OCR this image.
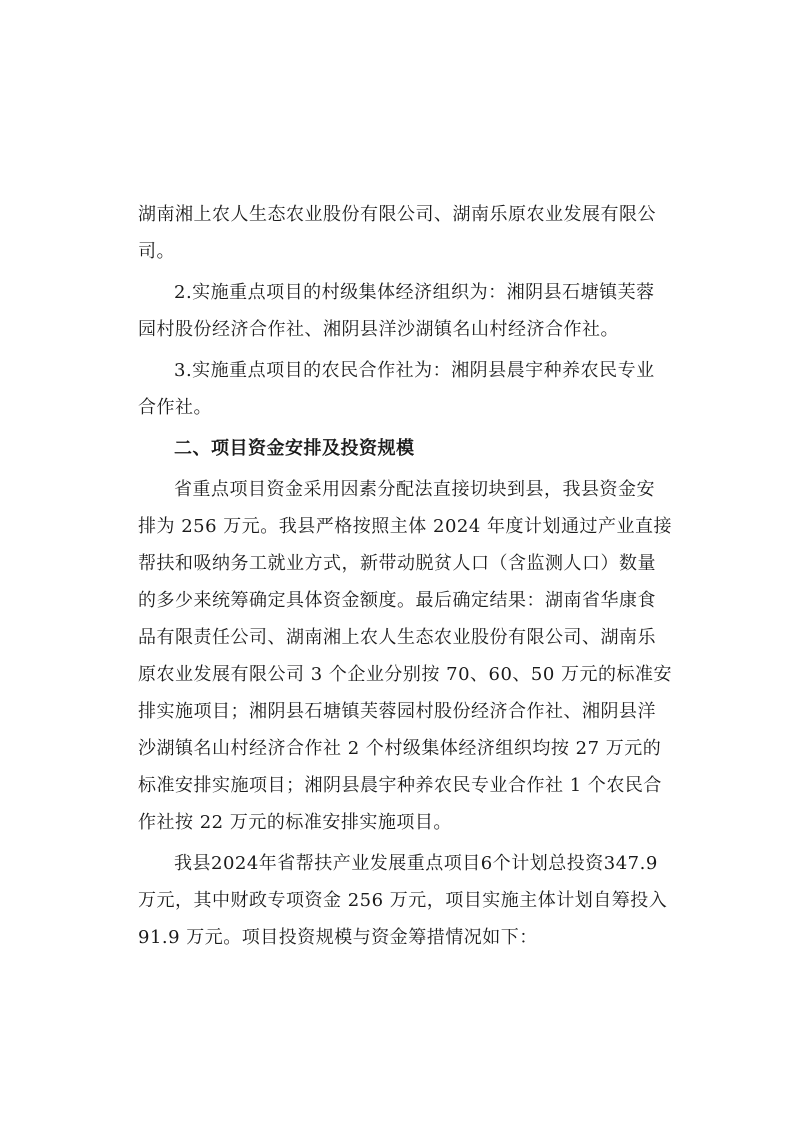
湖南湘上农人生态农业股份有限公司、湖南乐原农业发展有限公
司。

2.实施重点项目的村级集体经济组织为：湘阴县石塘镇芙蓉
园村股份经济合作社、湘阴县洋沙湖镇名山村经济合作社。

3.实施重点项目的农民合作社为：湘阴县晨宇种养农民专业
合作社。

二、项目资金安排及投资规模

省重点项目资金采用因素分配法直接切块到县，我县资金安
排为 256 万元。我县严格按照主体 2024 年度计划通过产业直接
帮扶和吸纳务工就业方式，新带动脱贫人口（含监测人口）数量
的多少来统筹确定具体资金额度。最后确定结果：湖南省华康食
品有限责任公司、湖南湘上农人生态农业股份有限公司、湖南乐
原农业发展有限公司 3 个企业分别按 70、60、50 万元的标准安
排实施项目；湘阴县石塘镇芙蓉园村股份经济合作社、湘阴县洋
沙湖镇名山村经济合作社 2 个村级集体经济组织均按 27 万元的
标准安排实施项目；湘阴县晨宇种养农民专业合作社 1 个农民合
作社按 22 万元的标准安排实施项目。

我县2024年省帮扶产业发展重点项目6个计划总投资347.9
万元，其中财政专项资金 256 万元，项目实施主体计划自筹投入
91.9 万元。项目投资规模与资金筹措情况如下：
